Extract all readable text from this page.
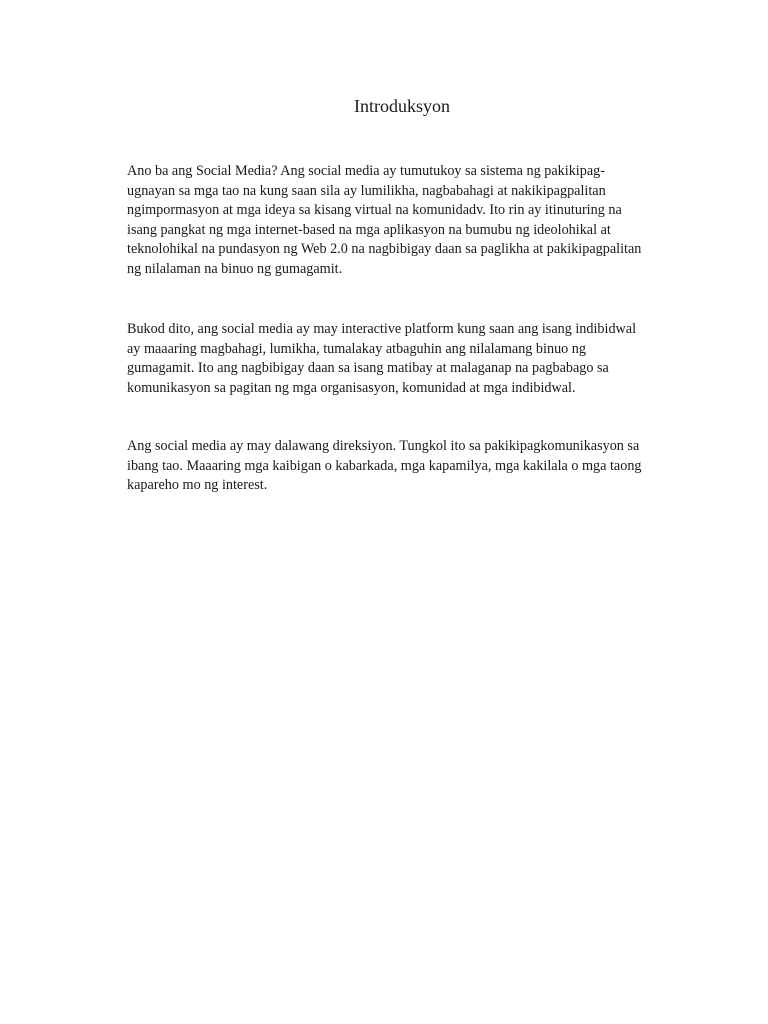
Introduksyon

Ano ba ang Social Media? Ang social media ay tumutukoy sa sistema ng pakikipag-
ugnayan sa mga tao na kung saan sila ay lumilikha, nagbabahagi at nakikipagpalitan
ngimpormasyon at mga ideya sa kisang virtual na komunidadv. Ito rin ay itinuturing na
isang pangkat ng mga internet-based na mga aplikasyon na bumubu ng ideolohikal at
teknolohikal na pundasyon ng Web 2.0 na nagbibigay daan sa paglikha at pakikipagpalitan
ng nilalaman na binuo ng gumagamit.

Bukod dito, ang social media ay may interactive platform kung saan ang isang indibidwal
ay maaaring magbahagi, lumikha, tumalakay atbaguhin ang nilalamang binuo ng
gumagamit. Ito ang nagbibigay daan sa isang matibay at malaganap na pagbabago sa
komunikasyon sa pagitan ng mga organisasyon, komunidad at mga indibidwal.

Ang social media ay may dalawang direksiyon. Tungkol ito sa pakikipagkomunikasyon sa
ibang tao. Maaaring mga kaibigan o kabarkada, mga kapamilya, mga kakilala o mga taong
kapareho mo ng interest.
